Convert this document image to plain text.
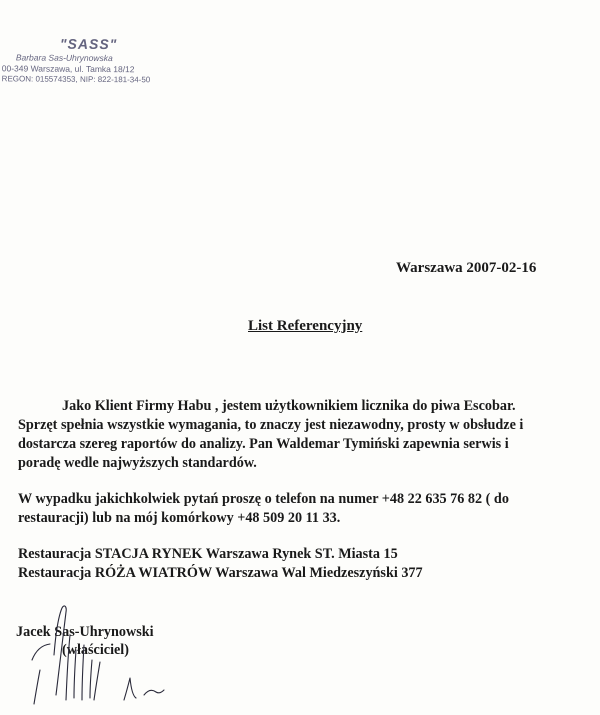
"SASS"
Barbara Sas-Uhrynowska
00-349 Warszawa, ul. Tamka 18/12
REGON: 015574353, NIP: 822-181-34-50
Warszawa 2007-02-16
List Referencyjny
Jako Klient Firmy Habu , jestem użytkownikiem licznika do piwa Escobar.
Sprzęt spełnia wszystkie wymagania, to znaczy jest niezawodny, prosty w obsłudze i
dostarcza szereg raportów do analizy. Pan Waldemar Tymiński zapewnia serwis i
poradę wedle najwyższych standardów.
W wypadku jakichkolwiek pytań proszę o telefon na numer +48 22 635 76 82 ( do
restauracji) lub na mój komórkowy +48 509 20 11 33.
Restauracja STACJA RYNEK Warszawa Rynek ST. Miasta 15
Restauracja RÓŻA WIATRÓW Warszawa Wal Miedzeszyński 377
Jacek Sas-Uhrynowski
(właściciel)
